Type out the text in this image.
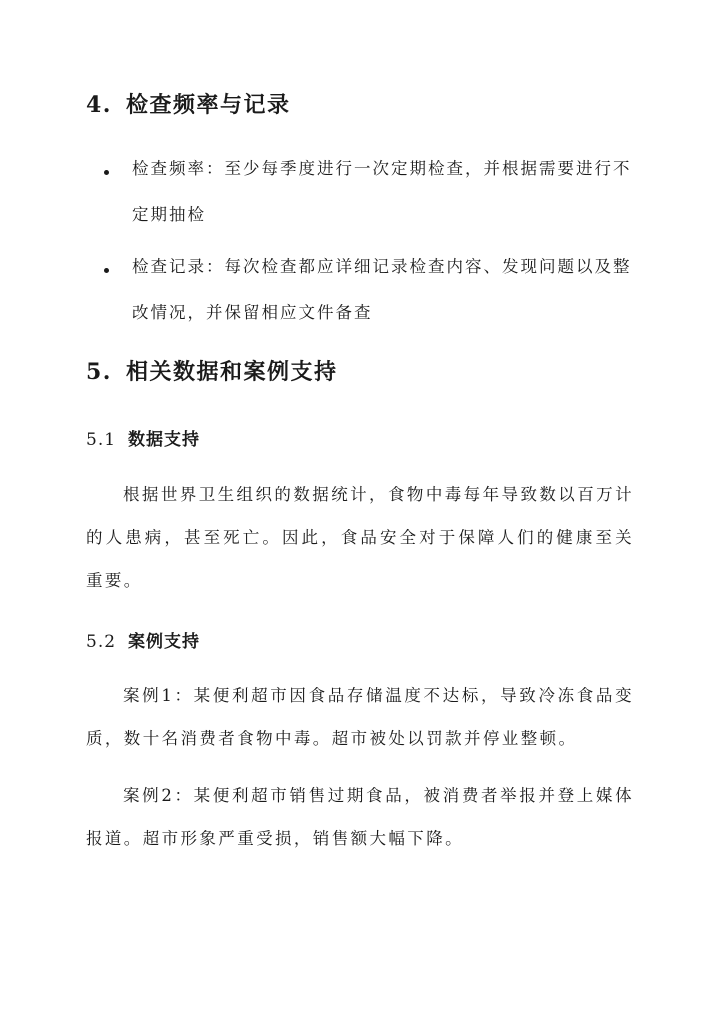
4. 检查频率与记录
检查频率：至少每季度进行一次定期检查，并根据需要进行不定期抽检
检查记录：每次检查都应详细记录检查内容、发现问题以及整改情况，并保留相应文件备查
5. 相关数据和案例支持
5.1 数据支持

根据世界卫生组织的数据统计，食物中毒每年导致数以百万计的人患病，甚至死亡。因此，食品安全对于保障人们的健康至关重要。

5.2 案例支持

案例1：某便利超市因食品存储温度不达标，导致冷冻食品变质，数十名消费者食物中毒。超市被处以罚款并停业整顿。

案例2：某便利超市销售过期食品，被消费者举报并登上媒体报道。超市形象严重受损，销售额大幅下降。
